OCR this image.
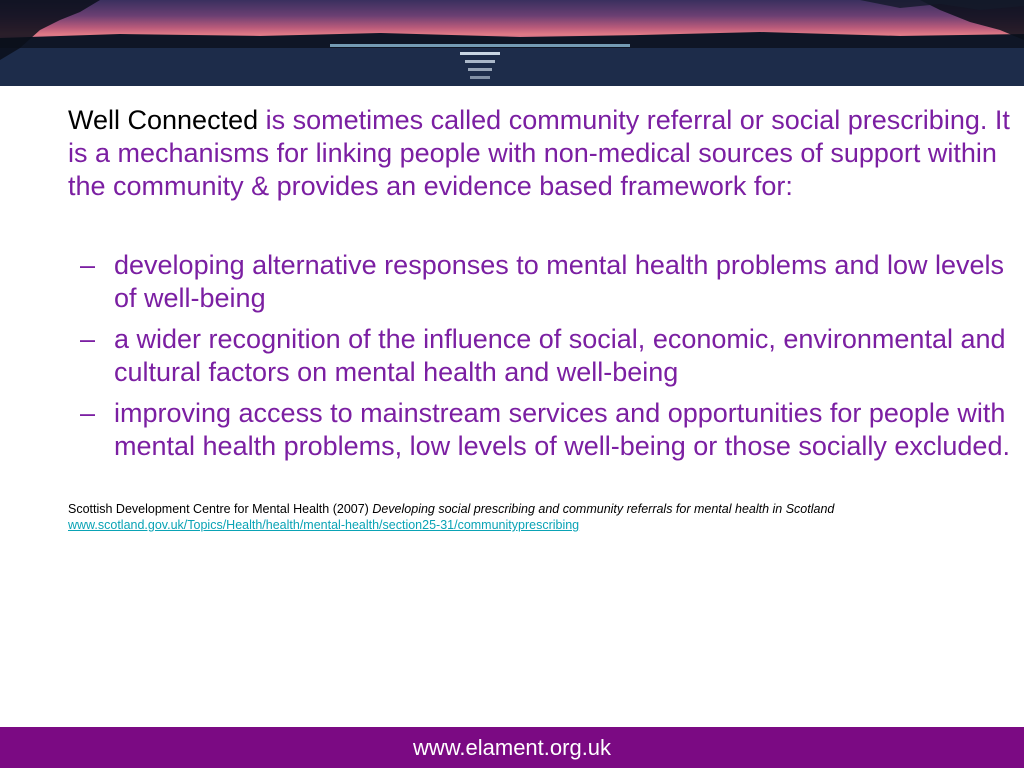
Well Connected is sometimes called community referral or social prescribing. It is a mechanisms for linking people with non-medical sources of support within the community & provides an evidence based framework for:

– developing alternative responses to mental health problems and low levels of well-being
– a wider recognition of the influence of social, economic, environmental and cultural factors on mental health and well-being
– improving access to mainstream services and opportunities for people with mental health problems, low levels of well-being or those socially excluded.
Scottish Development Centre for Mental Health (2007) Developing social prescribing and community referrals for mental health in Scotland
www.scotland.gov.uk/Topics/Health/health/mental-health/section25-31/communityprescribing
www.elament.org.uk
